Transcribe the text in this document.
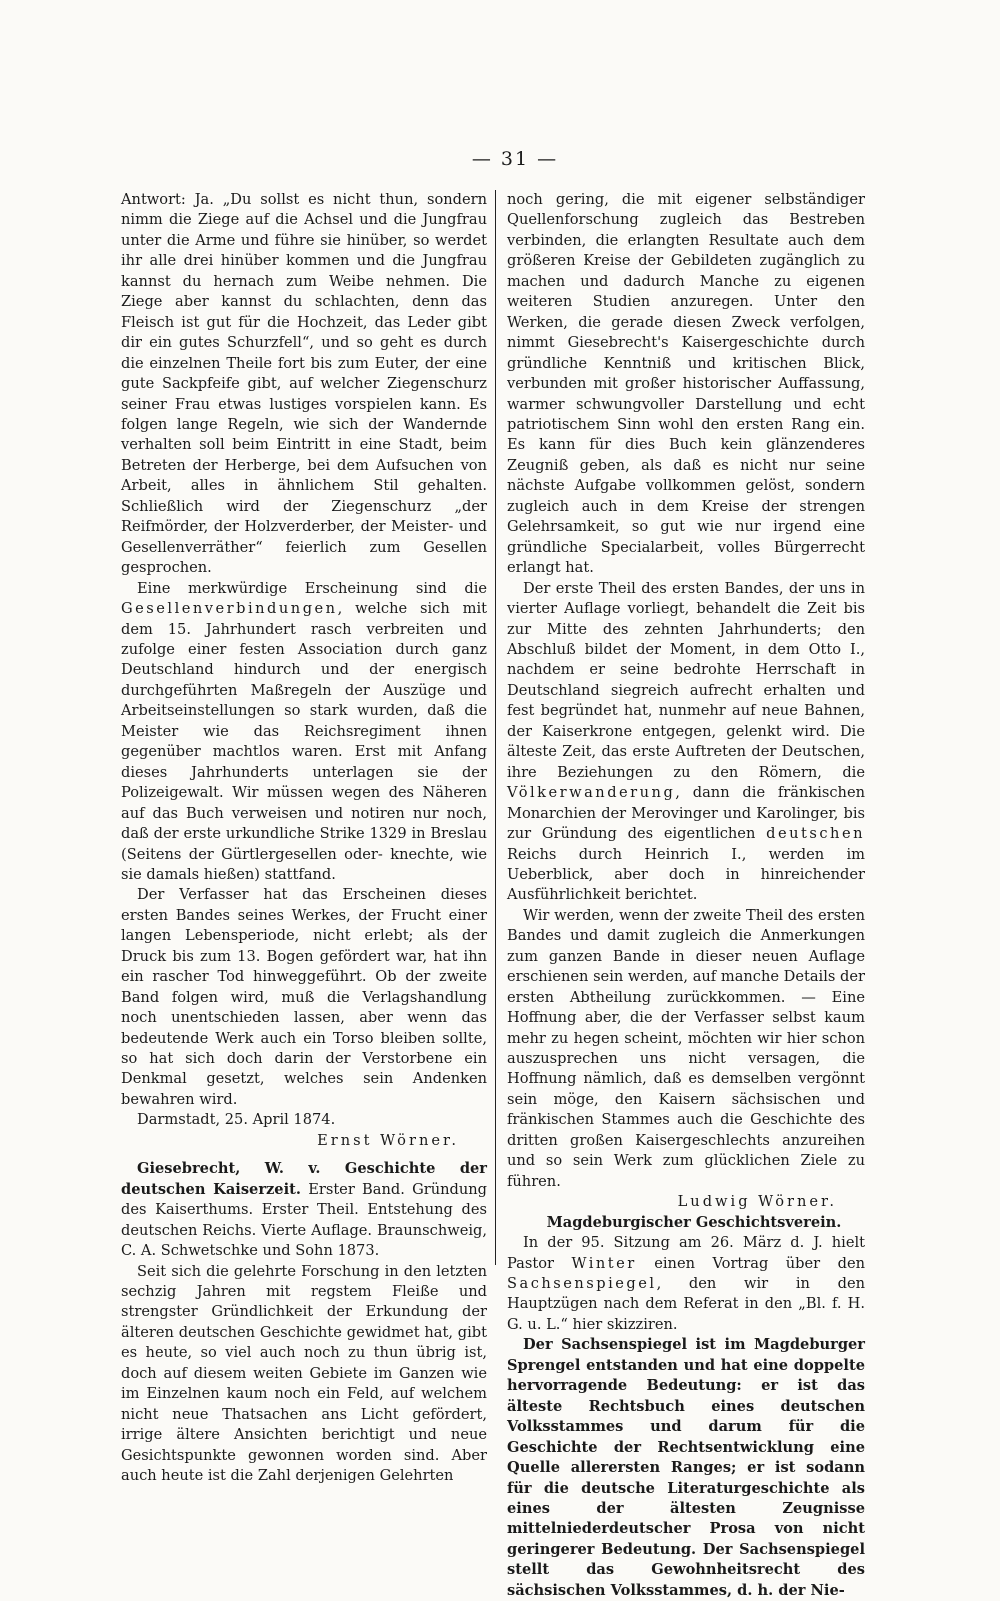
— 31 —

Antwort: Ja. „Du sollst es nicht thun, sondern nimm die Ziege auf die Achsel und die Jungfrau unter die Arme und führe sie hinüber, so werdet ihr alle drei hinüber kommen und die Jungfrau kannst du hernach zum Weibe nehmen. Die Ziege aber kannst du schlachten, denn das Fleisch ist gut für die Hochzeit, das Leder gibt dir ein gutes Schurzfell“, und so geht es durch die einzelnen Theile fort bis zum Euter, der eine gute Sackpfeife gibt, auf welcher Ziegenschurz seiner Frau etwas lustiges vorspielen kann. Es folgen lange Regeln, wie sich der Wandernde verhalten soll beim Eintritt in eine Stadt, beim Betreten der Herberge, bei dem Aufsuchen von Arbeit, alles in ähnlichem Stil gehalten. Schließlich wird der Ziegenschurz „der Reifmörder, der Holzverderber, der Meister- und Gesellenverräther“ feierlich zum Gesellen gesprochen.

Eine merkwürdige Erscheinung sind die Gesellenverbindungen, welche sich mit dem 15. Jahrhundert rasch verbreiten und zufolge einer festen Association durch ganz Deutschland hindurch und der energisch durchgeführten Maßregeln der Auszüge und Arbeitseinstellungen so stark wurden, daß die Meister wie das Reichsregiment ihnen gegenüber machtlos waren. Erst mit Anfang dieses Jahrhunderts unterlagen sie der Polizeigewalt. Wir müssen wegen des Näheren auf das Buch verweisen und notiren nur noch, daß der erste urkundliche Strike 1329 in Breslau (Seitens der Gürtlergesellen oder- knechte, wie sie damals hießen) stattfand.

Der Verfasser hat das Erscheinen dieses ersten Bandes seines Werkes, der Frucht einer langen Lebensperiode, nicht erlebt; als der Druck bis zum 13. Bogen gefördert war, hat ihn ein rascher Tod hinweggeführt. Ob der zweite Band folgen wird, muß die Verlagshandlung noch unentschieden lassen, aber wenn das bedeutende Werk auch ein Torso bleiben sollte, so hat sich doch darin der Verstorbene ein Denkmal gesetzt, welches sein Andenken bewahren wird.

Darmstadt, 25. April 1874.

Ernst Wörner.

Giesebrecht, W. v. Geschichte der deutschen Kaiserzeit. Erster Band. Gründung des Kaiserthums. Erster Theil. Entstehung des deutschen Reichs. Vierte Auflage. Braunschweig, C. A. Schwetschke und Sohn 1873.

Seit sich die gelehrte Forschung in den letzten sechzig Jahren mit regstem Fleiße und strengster Gründlichkeit der Erkundung der älteren deutschen Geschichte gewidmet hat, gibt es heute, so viel auch noch zu thun übrig ist, doch auf diesem weiten Gebiete im Ganzen wie im Einzelnen kaum noch ein Feld, auf welchem nicht neue Thatsachen ans Licht gefördert, irrige ältere Ansichten berichtigt und neue Gesichtspunkte gewonnen worden sind. Aber auch heute ist die Zahl derjenigen Gelehrten

noch gering, die mit eigener selbständiger Quellenforschung zugleich das Bestreben verbinden, die erlangten Resultate auch dem größeren Kreise der Gebildeten zugänglich zu machen und dadurch Manche zu eigenen weiteren Studien anzuregen. Unter den Werken, die gerade diesen Zweck verfolgen, nimmt Giesebrecht's Kaisergeschichte durch gründliche Kenntniß und kritischen Blick, verbunden mit großer historischer Auffassung, warmer schwungvoller Darstellung und echt patriotischem Sinn wohl den ersten Rang ein. Es kann für dies Buch kein glänzenderes Zeugniß geben, als daß es nicht nur seine nächste Aufgabe vollkommen gelöst, sondern zugleich auch in dem Kreise der strengen Gelehrsamkeit, so gut wie nur irgend eine gründliche Specialarbeit, volles Bürgerrecht erlangt hat.

Der erste Theil des ersten Bandes, der uns in vierter Auflage vorliegt, behandelt die Zeit bis zur Mitte des zehnten Jahrhunderts; den Abschluß bildet der Moment, in dem Otto I., nachdem er seine bedrohte Herrschaft in Deutschland siegreich aufrecht erhalten und fest begründet hat, nunmehr auf neue Bahnen, der Kaiserkrone entgegen, gelenkt wird. Die älteste Zeit, das erste Auftreten der Deutschen, ihre Beziehungen zu den Römern, die Völkerwanderung, dann die fränkischen Monarchien der Merovinger und Karolinger, bis zur Gründung des eigentlichen deutschen Reichs durch Heinrich I., werden im Ueberblick, aber doch in hinreichender Ausführlichkeit berichtet.

Wir werden, wenn der zweite Theil des ersten Bandes und damit zugleich die Anmerkungen zum ganzen Bande in dieser neuen Auflage erschienen sein werden, auf manche Details der ersten Abtheilung zurückkommen. — Eine Hoffnung aber, die der Verfasser selbst kaum mehr zu hegen scheint, möchten wir hier schon auszusprechen uns nicht versagen, die Hoffnung nämlich, daß es demselben vergönnt sein möge, den Kaisern sächsischen und fränkischen Stammes auch die Geschichte des dritten großen Kaisergeschlechts anzureihen und so sein Werk zum glücklichen Ziele zu führen.

Ludwig Wörner.

Magdeburgischer Geschichtsverein.

In der 95. Sitzung am 26. März d. J. hielt Pastor Winter einen Vortrag über den Sachsenspiegel, den wir in den Hauptzügen nach dem Referat in den „Bl. f. H. G. u. L.“ hier skizziren.

Der Sachsenspiegel ist im Magdeburger Sprengel entstanden und hat eine doppelte hervorragende Bedeutung: er ist das älteste Rechtsbuch eines deutschen Volksstammes und darum für die Geschichte der Rechtsentwicklung eine Quelle allerersten Ranges; er ist sodann für die deutsche Literaturgeschichte als eines der ältesten Zeugnisse mittelniederdeutscher Prosa von nicht geringerer Bedeutung. Der Sachsenspiegel stellt das Gewohnheitsrecht des sächsischen Volksstammes, d. h. der Nie-
